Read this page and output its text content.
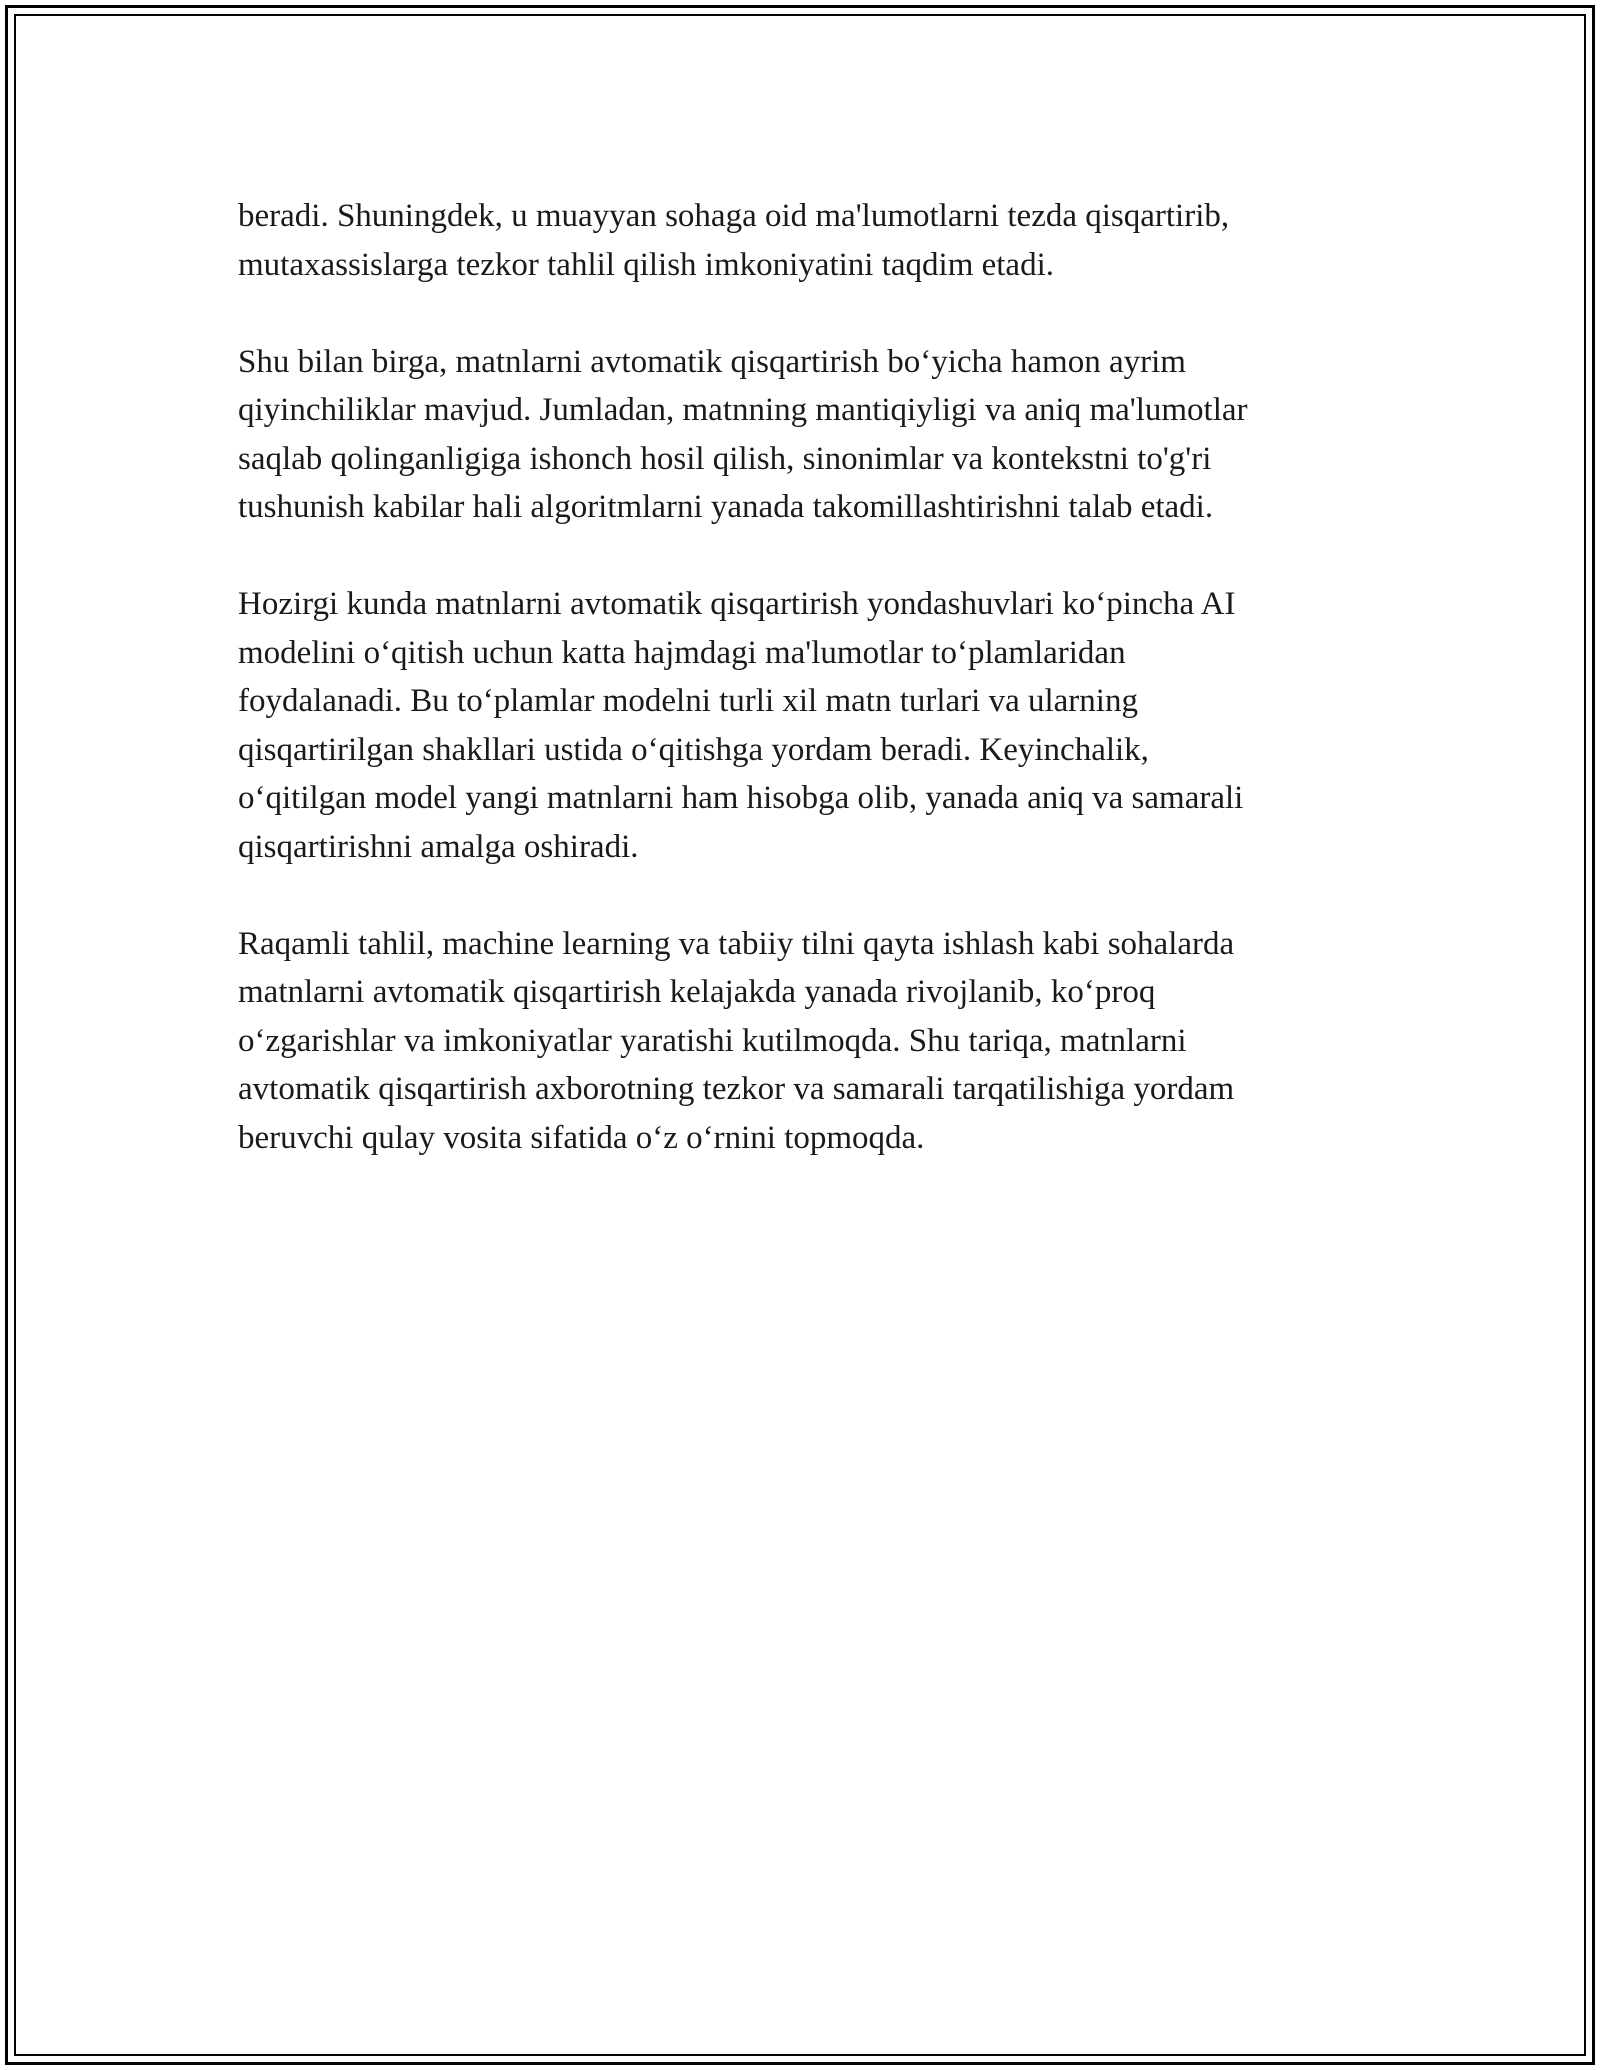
beradi. Shuningdek, u muayyan sohaga oid ma'lumotlarni tezda qisqartirib,
mutaxassislarga tezkor tahlil qilish imkoniyatini taqdim etadi.

Shu bilan birga, matnlarni avtomatik qisqartirish bo‘yicha hamon ayrim
qiyinchiliklar mavjud. Jumladan, matnning mantiqiyligi va aniq ma'lumotlar
saqlab qolinganligiga ishonch hosil qilish, sinonimlar va kontekstni to'g'ri
tushunish kabilar hali algoritmlarni yanada takomillashtirishni talab etadi.

Hozirgi kunda matnlarni avtomatik qisqartirish yondashuvlari ko‘pincha AI
modelini o‘qitish uchun katta hajmdagi ma'lumotlar to‘plamlaridan
foydalanadi. Bu to‘plamlar modelni turli xil matn turlari va ularning
qisqartirilgan shakllari ustida o‘qitishga yordam beradi. Keyinchalik,
o‘qitilgan model yangi matnlarni ham hisobga olib, yanada aniq va samarali
qisqartirishni amalga oshiradi.

Raqamli tahlil, machine learning va tabiiy tilni qayta ishlash kabi sohalarda
matnlarni avtomatik qisqartirish kelajakda yanada rivojlanib, ko‘proq
o‘zgarishlar va imkoniyatlar yaratishi kutilmoqda. Shu tariqa, matnlarni
avtomatik qisqartirish axborotning tezkor va samarali tarqatilishiga yordam
beruvchi qulay vosita sifatida o‘z o‘rnini topmoqda.
